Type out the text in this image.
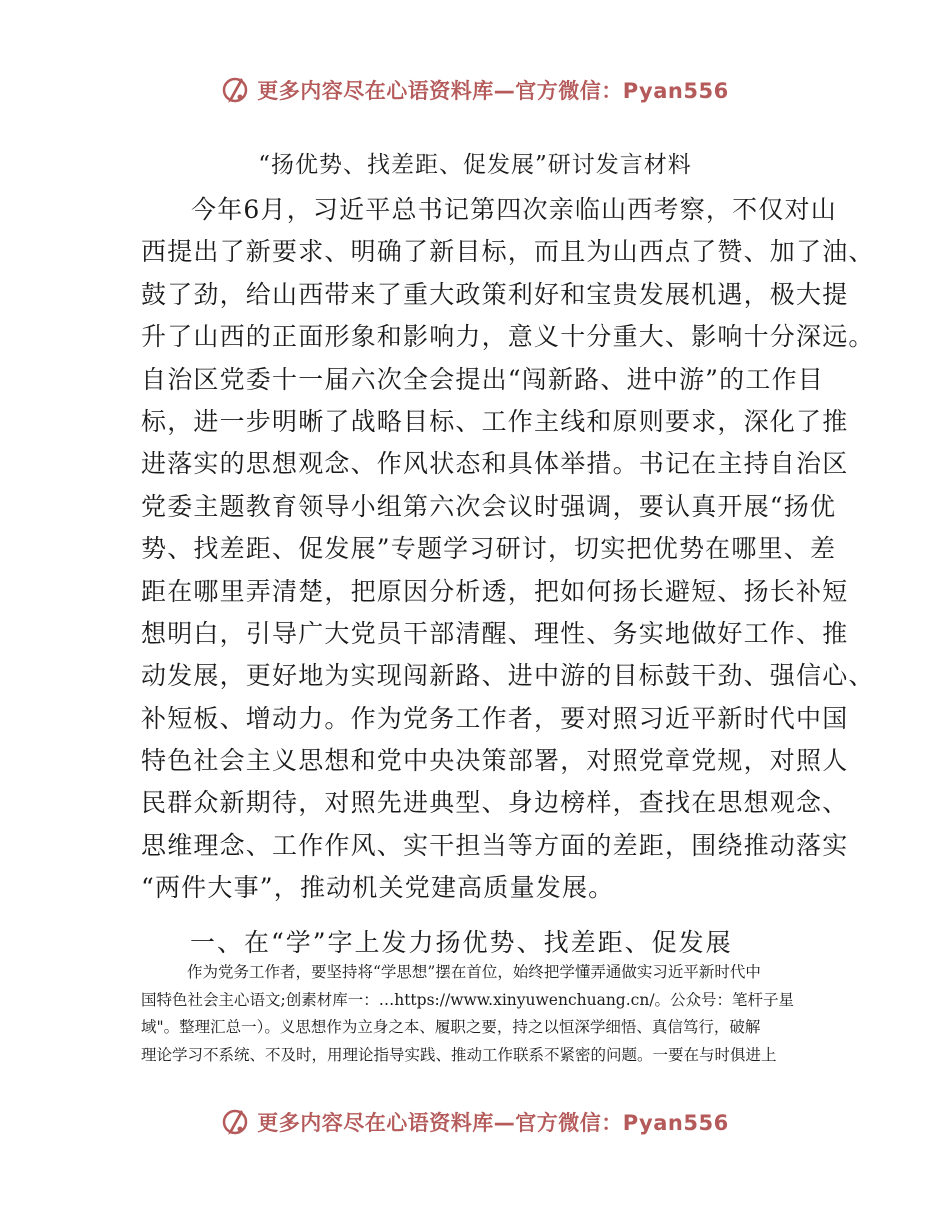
更多内容尽在心语资料库—官方微信：Pyan556
“扬优势、找差距、促发展”研讨发言材料
今年6月，习近平总书记第四次亲临山西考察，不仅对山
西提出了新要求、明确了新目标，而且为山西点了赞、加了油、
鼓了劲，给山西带来了重大政策利好和宝贵发展机遇，极大提
升了山西的正面形象和影响力，意义十分重大、影响十分深远。
自治区党委十一届六次全会提出“闯新路、进中游”的工作目
标，进一步明晰了战略目标、工作主线和原则要求，深化了推
进落实的思想观念、作风状态和具体举措。书记在主持自治区
党委主题教育领导小组第六次会议时强调，要认真开展“扬优
势、找差距、促发展”专题学习研讨，切实把优势在哪里、差
距在哪里弄清楚，把原因分析透，把如何扬长避短、扬长补短
想明白，引导广大党员干部清醒、理性、务实地做好工作、推
动发展，更好地为实现闯新路、进中游的目标鼓干劲、强信心、
补短板、增动力。作为党务工作者，要对照习近平新时代中国
特色社会主义思想和党中央决策部署，对照党章党规，对照人
民群众新期待，对照先进典型、身边榜样，查找在思想观念、
思维理念、工作作风、实干担当等方面的差距，围绕推动落实
“两件大事”，推动机关党建高质量发展。
一、在“学”字上发力扬优势、找差距、促发展
作为党务工作者，要坚持将“学思想”摆在首位，始终把学懂弄通做实习近平新时代中
国特色社会主心语文;创素材库一：…https://www.xinyuwenchuang.cn/。公众号：笔杆子星
域"。整理汇总一）。义思想作为立身之本、履职之要，持之以恒深学细悟、真信笃行，破解
理论学习不系统、不及时，用理论指导实践、推动工作联系不紧密的问题。一要在与时俱进上
更多内容尽在心语资料库—官方微信：Pyan556
